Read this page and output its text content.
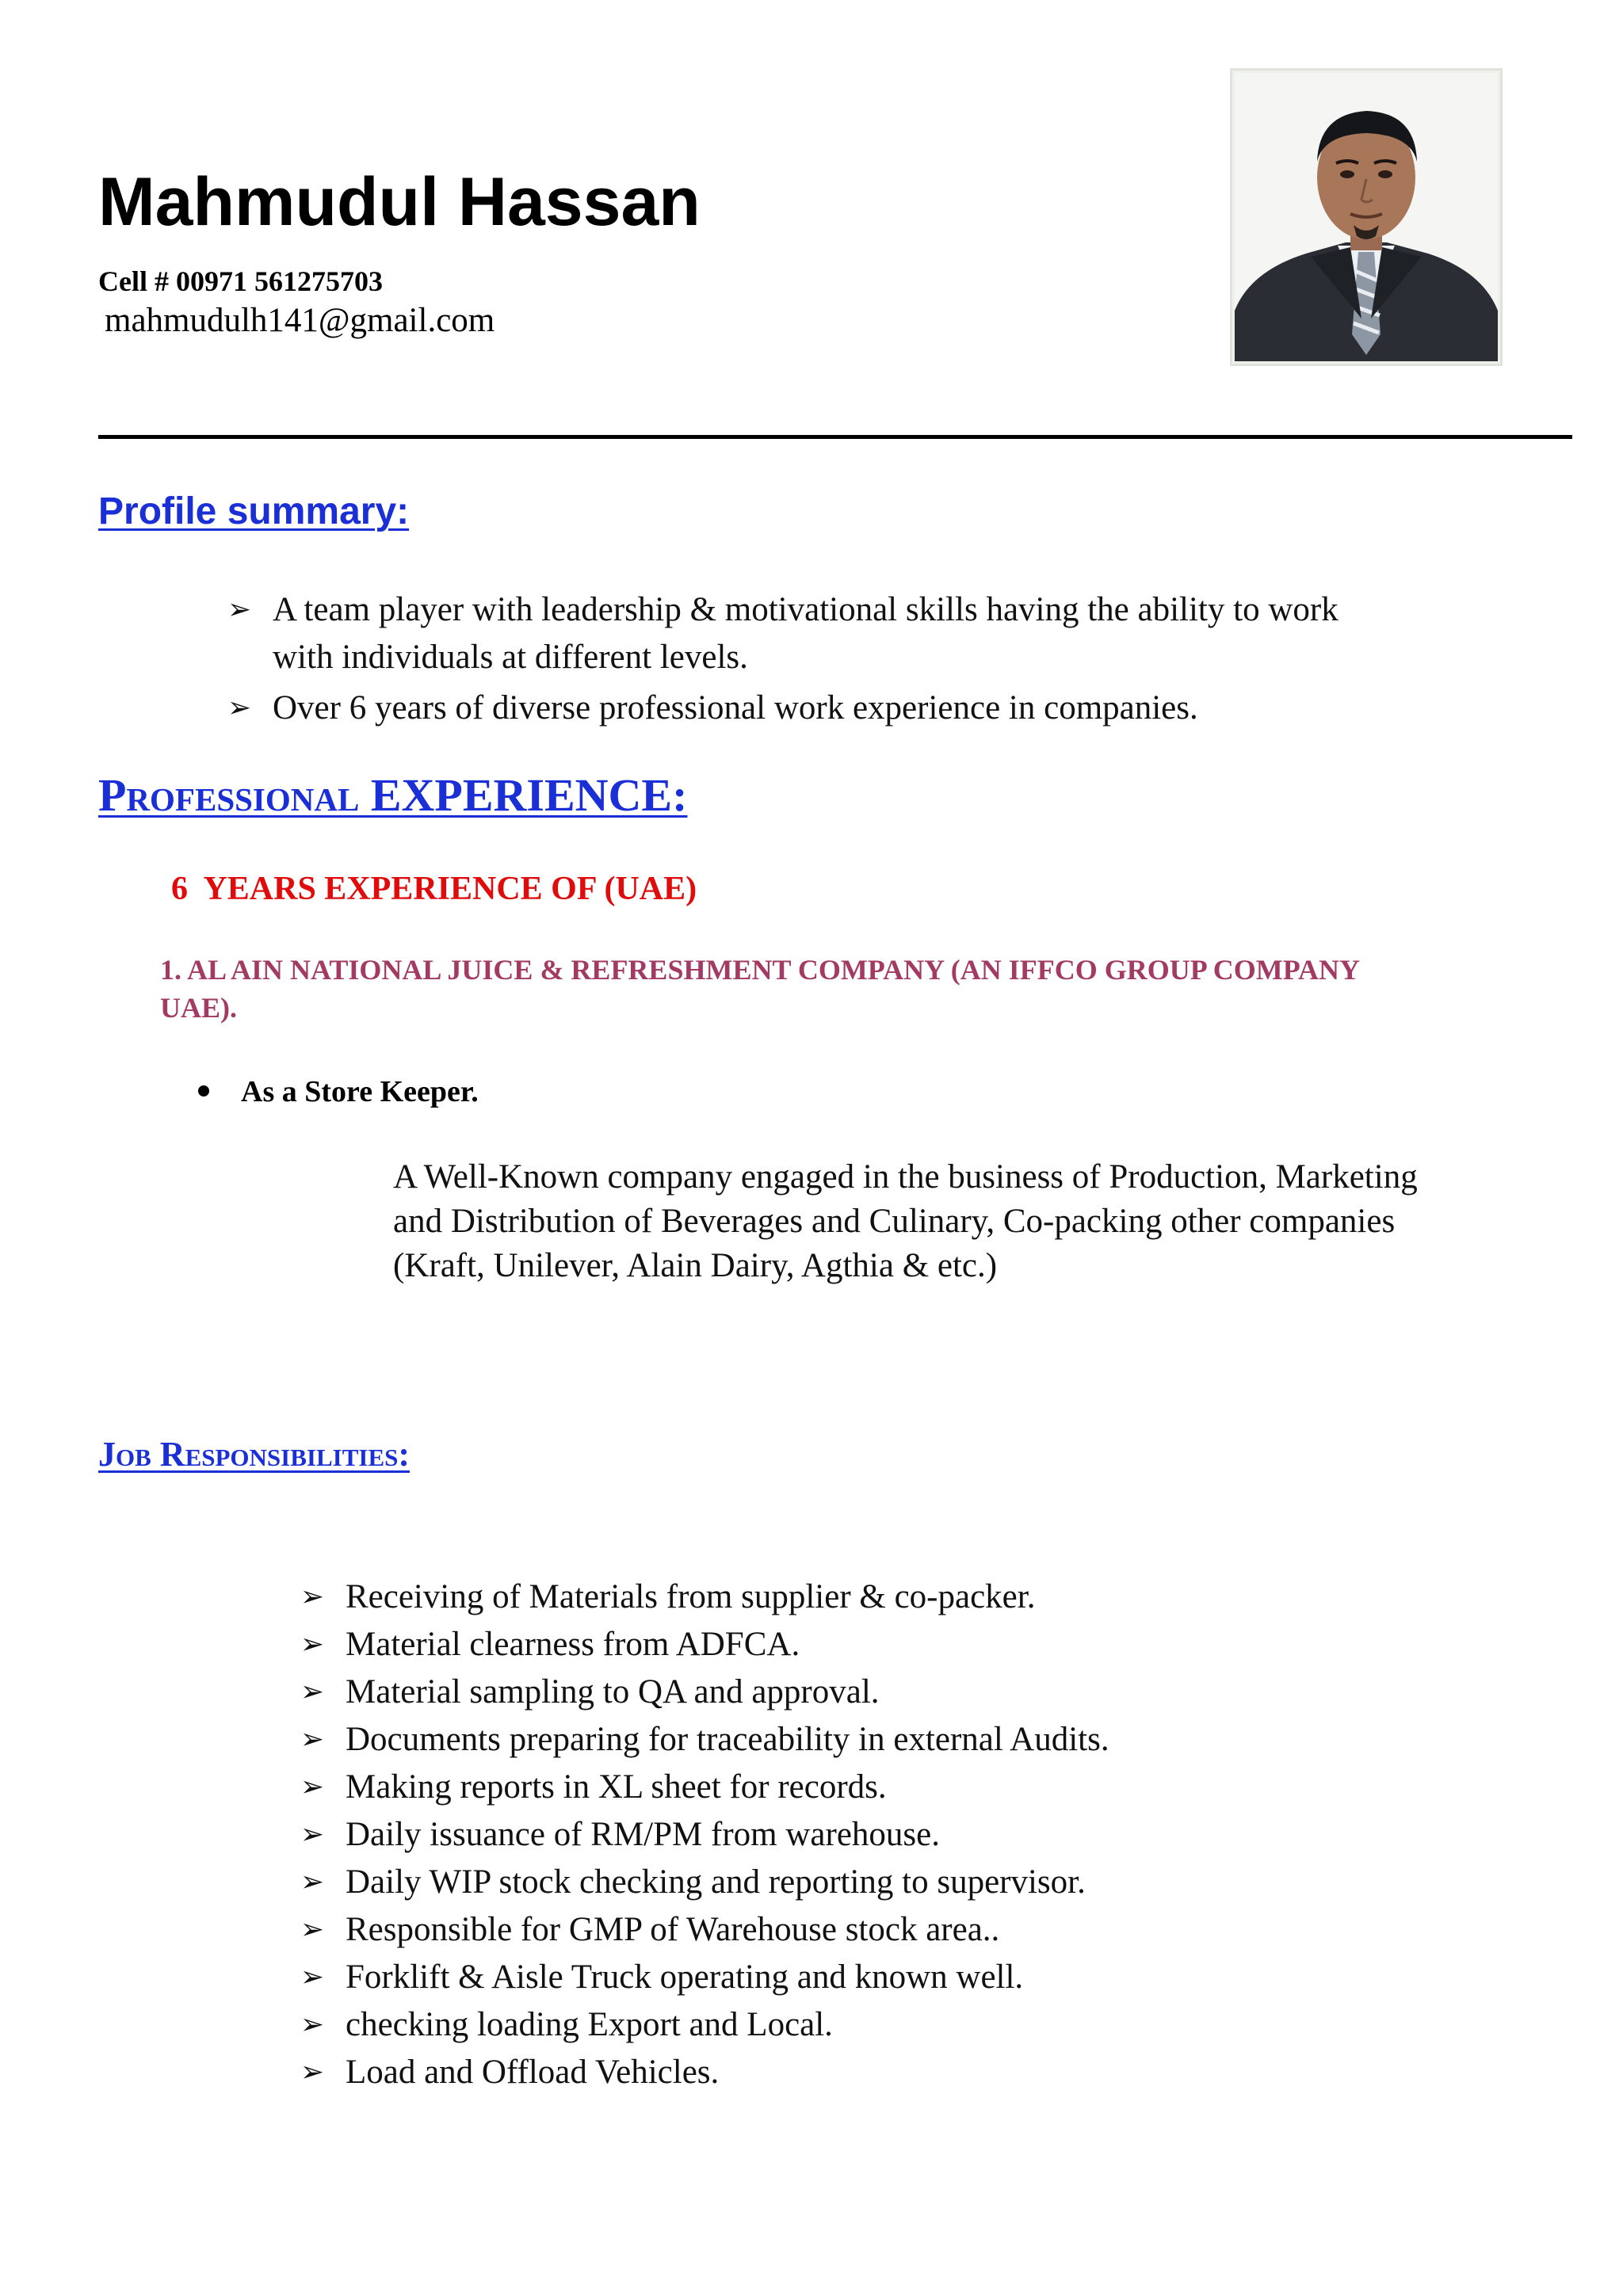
Mahmudul Hassan
Cell # 00971 561275703
mahmudulh141@gmail.com
Profile summary:
➢ A team player with leadership & motivational skills having the ability to work with individuals at different levels.
➢ Over 6 years of diverse professional work experience in companies.
Professional EXPERIENCE:
6  YEARS EXPERIENCE OF (UAE)
1. AL AIN NATIONAL JUICE & REFRESHMENT COMPANY (AN IFFCO GROUP COMPANY UAE).
As a Store Keeper.
A Well-Known company engaged in the business of Production, Marketing and Distribution of Beverages and Culinary, Co-packing other companies (Kraft, Unilever, Alain Dairy, Agthia & etc.)
Job Responsibilities:
➢ Receiving of Materials from supplier & co-packer.
➢ Material clearness from ADFCA.
➢ Material sampling to QA and approval.
➢ Documents preparing for traceability in external Audits.
➢ Making reports in XL sheet for records.
➢ Daily issuance of RM/PM from warehouse.
➢ Daily WIP stock checking and reporting to supervisor.
➢ Responsible for GMP of Warehouse stock area..
➢ Forklift & Aisle Truck operating and known well.
➢ checking loading Export and Local.
➢ Load and Offload Vehicles.
